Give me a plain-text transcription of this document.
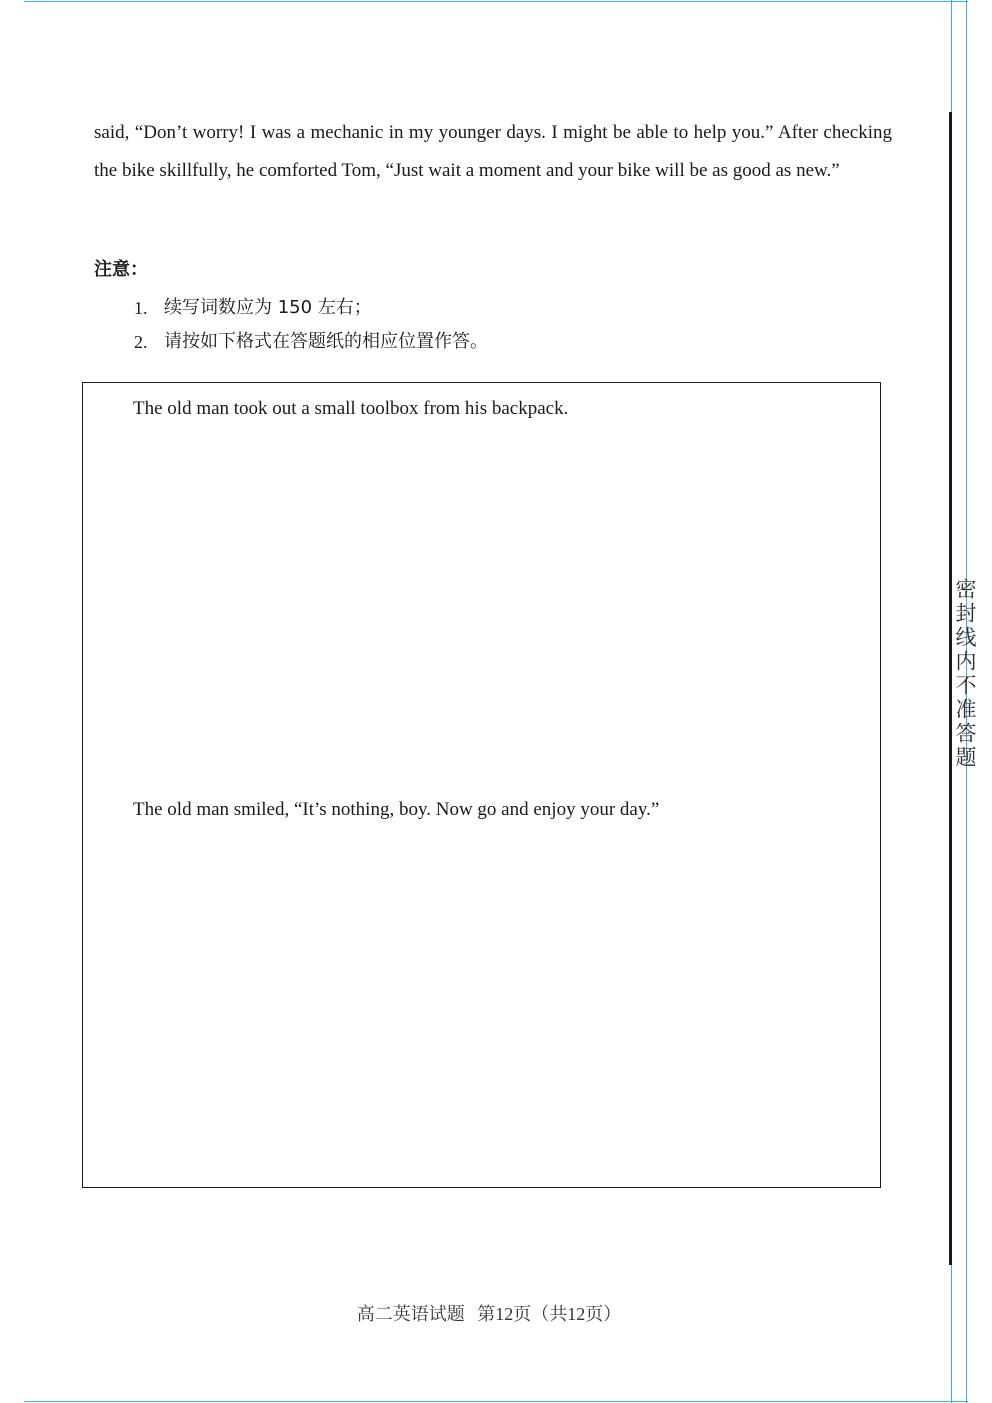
密封线内不准答题

said, “Don’t worry! I was a mechanic in my younger days. I might be able to help you.” After checking the bike skillfully, he comforted Tom, “Just wait a moment and your bike will be as good as new.”

注意：

1. 续写词数应为 150 左右；
2. 请按如下格式在答题纸的相应位置作答。

The old man took out a small toolbox from his backpack.

The old man smiled, “It’s nothing, boy. Now go and enjoy your day.”

高二英语试题 第12页（共12页）
